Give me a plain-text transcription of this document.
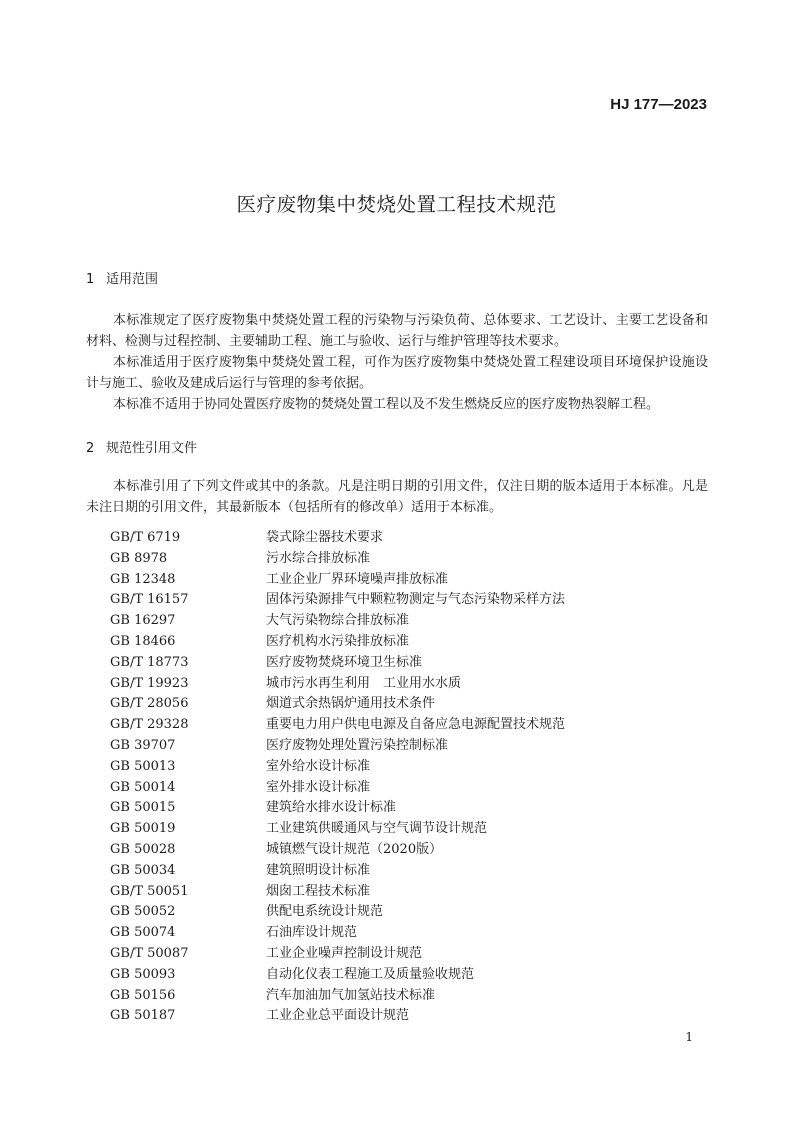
HJ 177—2023
医疗废物集中焚烧处置工程技术规范
1 适用范围

本标准规定了医疗废物集中焚烧处置工程的污染物与污染负荷、总体要求、工艺设计、主要工艺设备和材料、检测与过程控制、主要辅助工程、施工与验收、运行与维护管理等技术要求。

本标准适用于医疗废物集中焚烧处置工程，可作为医疗废物集中焚烧处置工程建设项目环境保护设施设计与施工、验收及建成后运行与管理的参考依据。

本标准不适用于协同处置医疗废物的焚烧处置工程以及不发生燃烧反应的医疗废物热裂解工程。

2 规范性引用文件

本标准引用了下列文件或其中的条款。凡是注明日期的引用文件，仅注日期的版本适用于本标准。凡是未注日期的引用文件，其最新版本（包括所有的修改单）适用于本标准。

GB/T 6719	袋式除尘器技术要求
GB 8978	污水综合排放标准
GB 12348	工业企业厂界环境噪声排放标准
GB/T 16157	固体污染源排气中颗粒物测定与气态污染物采样方法
GB 16297	大气污染物综合排放标准
GB 18466	医疗机构水污染排放标准
GB/T 18773	医疗废物焚烧环境卫生标准
GB/T 19923	城市污水再生利用　工业用水水质
GB/T 28056	烟道式余热锅炉通用技术条件
GB/T 29328	重要电力用户供电电源及自备应急电源配置技术规范
GB 39707	医疗废物处理处置污染控制标准
GB 50013	室外给水设计标准
GB 50014	室外排水设计标准
GB 50015	建筑给水排水设计标准
GB 50019	工业建筑供暖通风与空气调节设计规范
GB 50028	城镇燃气设计规范（2020版）
GB 50034	建筑照明设计标准
GB/T 50051	烟囱工程技术标准
GB 50052	供配电系统设计规范
GB 50074	石油库设计规范
GB/T 50087	工业企业噪声控制设计规范
GB 50093	自动化仪表工程施工及质量验收规范
GB 50156	汽车加油加气加氢站技术标准
GB 50187	工业企业总平面设计规范
1
